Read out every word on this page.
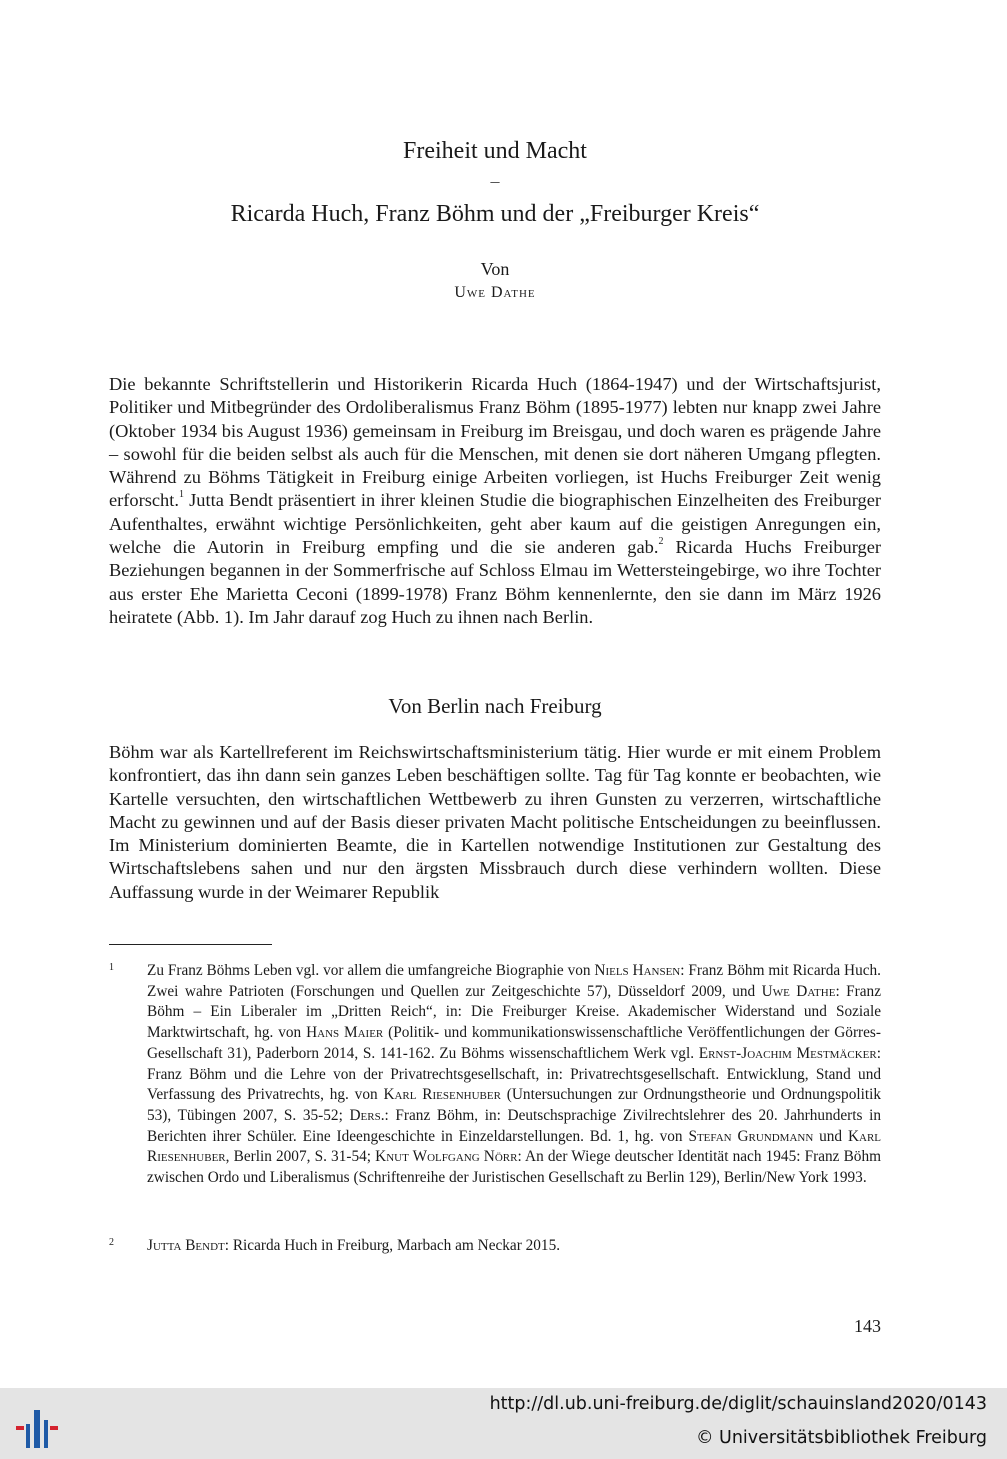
Freiheit und Macht
–
Ricarda Huch, Franz Böhm und der „Freiburger Kreis“
Von
Uwe Dathe

Die bekannte Schriftstellerin und Historikerin Ricarda Huch (1864-1947) und der Wirtschaftsjurist, Politiker und Mitbegründer des Ordoliberalismus Franz Böhm (1895-1977) lebten nur knapp zwei Jahre (Oktober 1934 bis August 1936) gemeinsam in Freiburg im Breisgau, und doch waren es prägende Jahre – sowohl für die beiden selbst als auch für die Menschen, mit denen sie dort näheren Umgang pflegten. Während zu Böhms Tätigkeit in Freiburg einige Arbeiten vorliegen, ist Huchs Freiburger Zeit wenig erforscht.$^1$ Jutta Bendt präsentiert in ihrer kleinen Studie die biographischen Einzelheiten des Freiburger Aufenthaltes, erwähnt wichtige Persönlichkeiten, geht aber kaum auf die geistigen Anregungen ein, welche die Autorin in Freiburg empfing und die sie anderen gab.$^2$ Ricarda Huchs Freiburger Beziehungen begannen in der Sommerfrische auf Schloss Elmau im Wettersteingebirge, wo ihre Tochter aus erster Ehe Marietta Ceconi (1899-1978) Franz Böhm kennenlernte, den sie dann im März 1926 heiratete (Abb. 1). Im Jahr darauf zog Huch zu ihnen nach Berlin.

Von Berlin nach Freiburg

Böhm war als Kartellreferent im Reichswirtschaftsministerium tätig. Hier wurde er mit einem Problem konfrontiert, das ihn dann sein ganzes Leben beschäftigen sollte. Tag für Tag konnte er beobachten, wie Kartelle versuchten, den wirtschaftlichen Wettbewerb zu ihren Gunsten zu verzerren, wirtschaftliche Macht zu gewinnen und auf der Basis dieser privaten Macht politische Entscheidungen zu beeinflussen. Im Ministerium dominierten Beamte, die in Kartellen notwendige Institutionen zur Gestaltung des Wirtschaftslebens sahen und nur den ärgsten Missbrauch durch diese verhindern wollten. Diese Auffassung wurde in der Weimarer Republik

1 Zu Franz Böhms Leben vgl. vor allem die umfangreiche Biographie von Niels Hansen: Franz Böhm mit Ricarda Huch. Zwei wahre Patrioten (Forschungen und Quellen zur Zeitgeschichte 57), Düsseldorf 2009, und Uwe Dathe: Franz Böhm – Ein Liberaler im „Dritten Reich“, in: Die Freiburger Kreise. Akademischer Widerstand und Soziale Marktwirtschaft, hg. von Hans Maier (Politik- und kommunikationswissenschaftliche Veröffentlichungen der Görres-Gesellschaft 31), Paderborn 2014, S. 141-162. Zu Böhms wissenschaftlichem Werk vgl. Ernst-Joachim Mestmäcker: Franz Böhm und die Lehre von der Privatrechtsgesellschaft, in: Privatrechtsgesellschaft. Entwicklung, Stand und Verfassung des Privatrechts, hg. von Karl Riesenhuber (Untersuchungen zur Ordnungstheorie und Ordnungspolitik 53), Tübingen 2007, S. 35-52; Ders.: Franz Böhm, in: Deutschsprachige Zivilrechtslehrer des 20. Jahrhunderts in Berichten ihrer Schüler. Eine Ideengeschichte in Einzeldarstellungen. Bd. 1, hg. von Stefan Grundmann und Karl Riesenhuber, Berlin 2007, S. 31-54; Knut Wolfgang Nörr: An der Wiege deutscher Identität nach 1945: Franz Böhm zwischen Ordo und Liberalismus (Schriftenreihe der Juristischen Gesellschaft zu Berlin 129), Berlin/New York 1993.
2 Jutta Bendt: Ricarda Huch in Freiburg, Marbach am Neckar 2015.
143
http://dl.ub.uni-freiburg.de/diglit/schauinsland2020/0143
© Universitätsbibliothek Freiburg
